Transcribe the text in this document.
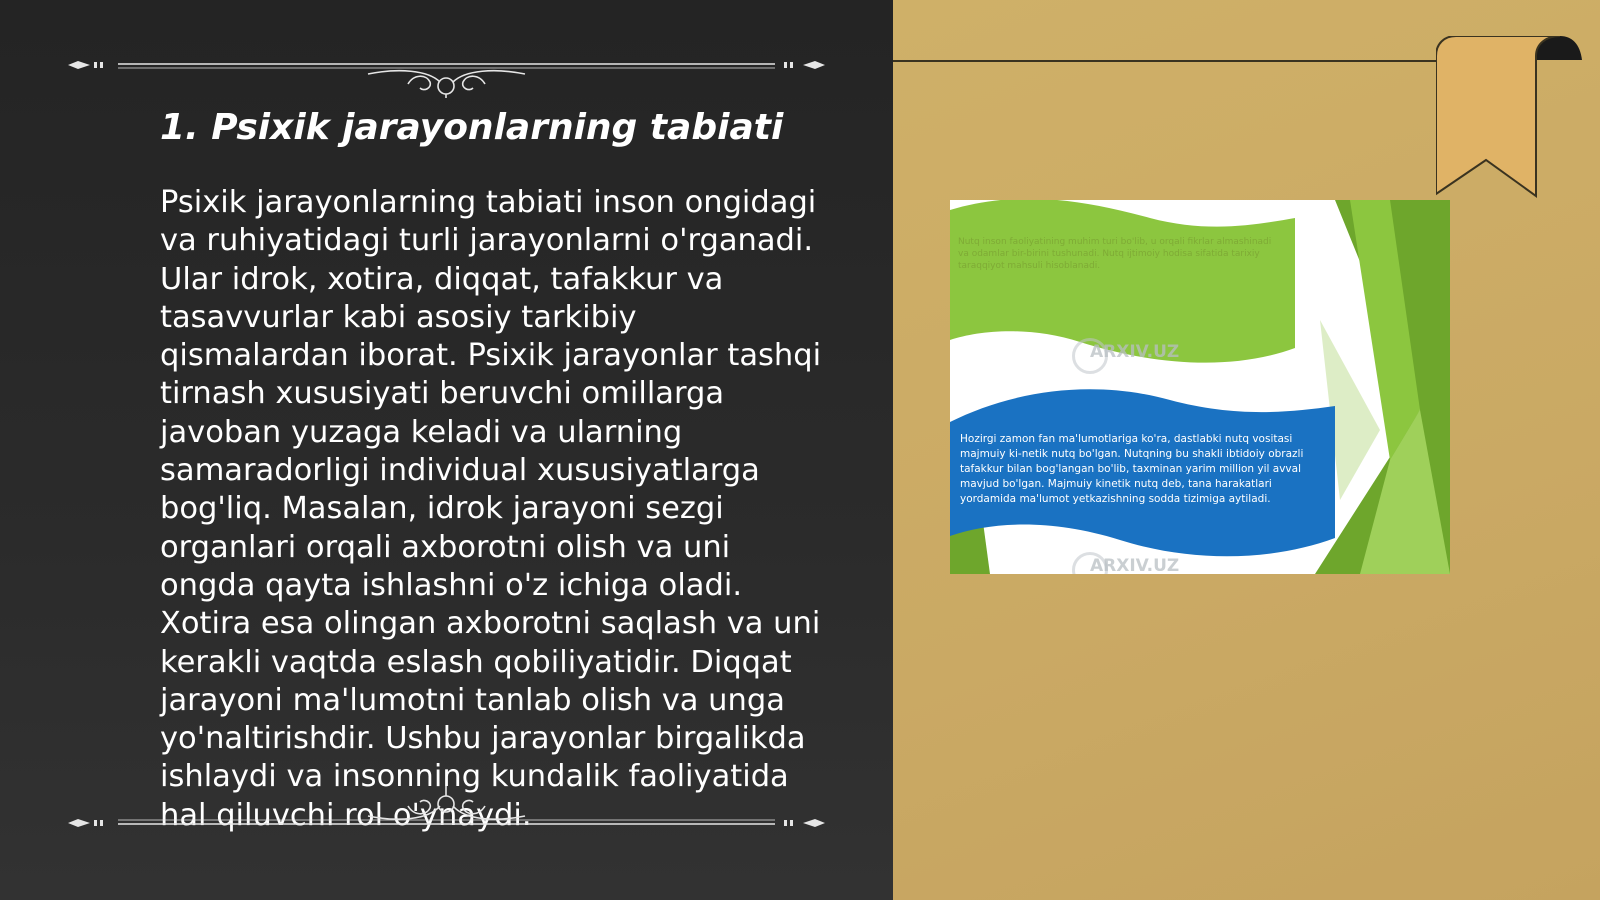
1. Psixik jarayonlarning tabiati
Psixik jarayonlarning tabiati inson ongidagi va ruhiyatidagi turli jarayonlarni o'rganadi. Ular idrok, xotira, diqqat, tafakkur va tasavvurlar kabi asosiy tarkibiy qismalardan iborat. Psixik jarayonlar tashqi tirnash xususiyati beruvchi omillarga javoban yuzaga keladi va ularning samaradorligi individual xususiyatlarga bog'liq. Masalan, idrok jarayoni sezgi organlari orqali axborotni olish va uni ongda qayta ishlashni o'z ichiga oladi. Xotira esa olingan axborotni saqlash va uni kerakli vaqtda eslash qobiliyatidir. Diqqat jarayoni ma'lumotni tanlab olish va unga yo'naltirishdir. Ushbu jarayonlar birgalikda ishlaydi va insonning kundalik faoliyatida hal qiluvchi rol o'ynaydi.
Nutq inson faoliyatining muhim turi bo'lib, u orqali fikrlar almashinadi va odamlar bir-birini tushunadi. Nutq ijtimoiy hodisa sifatida tarixiy taraqqiyot mahsuli hisoblanadi.
Hozirgi zamon fan ma'lumotlariga ko'ra, dastlabki nutq vositasi majmuiy ki-netik nutq bo'lgan. Nutqning bu shakli ibtidoiy obrazli tafakkur bilan bog'langan bo'lib, taxminan yarim million yil avval mavjud bo'lgan. Majmuiy kinetik nutq deb, tana harakatlari yordamida ma'lumot yetkazishning sodda tizimiga aytiladi.
ARXIV.UZ
ARXIV.UZ
